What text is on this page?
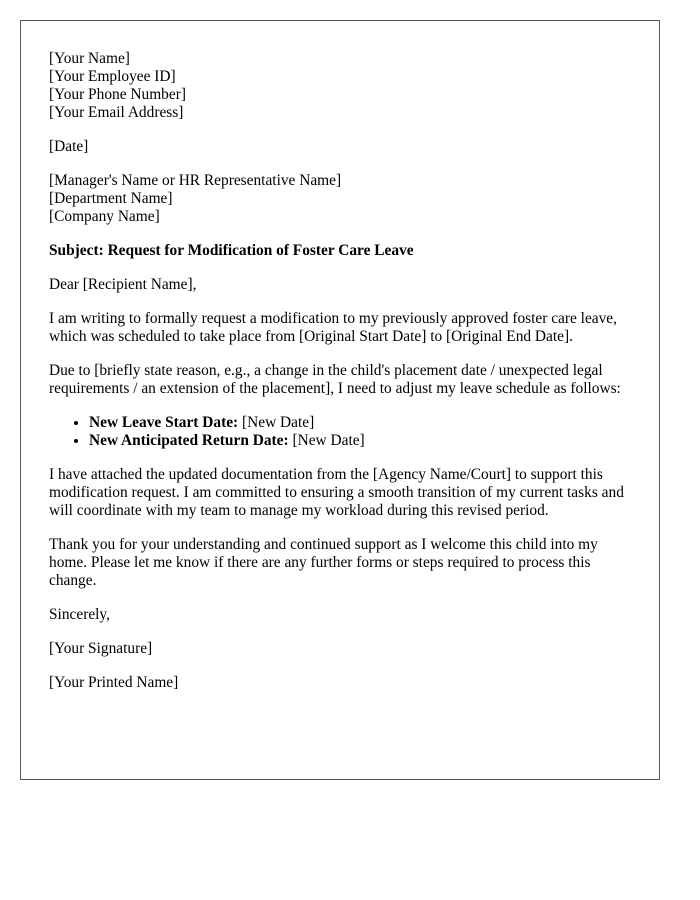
[Your Name]
[Your Employee ID]
[Your Phone Number]
[Your Email Address]

[Date]

[Manager's Name or HR Representative Name]
[Department Name]
[Company Name]

Subject: Request for Modification of Foster Care Leave

Dear [Recipient Name],

I am writing to formally request a modification to my previously approved foster care leave, which was scheduled to take place from [Original Start Date] to [Original End Date].

Due to [briefly state reason, e.g., a change in the child's placement date / unexpected legal requirements / an extension of the placement], I need to adjust my leave schedule as follows:

• New Leave Start Date: [New Date]
• New Anticipated Return Date: [New Date]

I have attached the updated documentation from the [Agency Name/Court] to support this modification request. I am committed to ensuring a smooth transition of my current tasks and will coordinate with my team to manage my workload during this revised period.

Thank you for your understanding and continued support as I welcome this child into my home. Please let me know if there are any further forms or steps required to process this change.

Sincerely,

[Your Signature]

[Your Printed Name]
